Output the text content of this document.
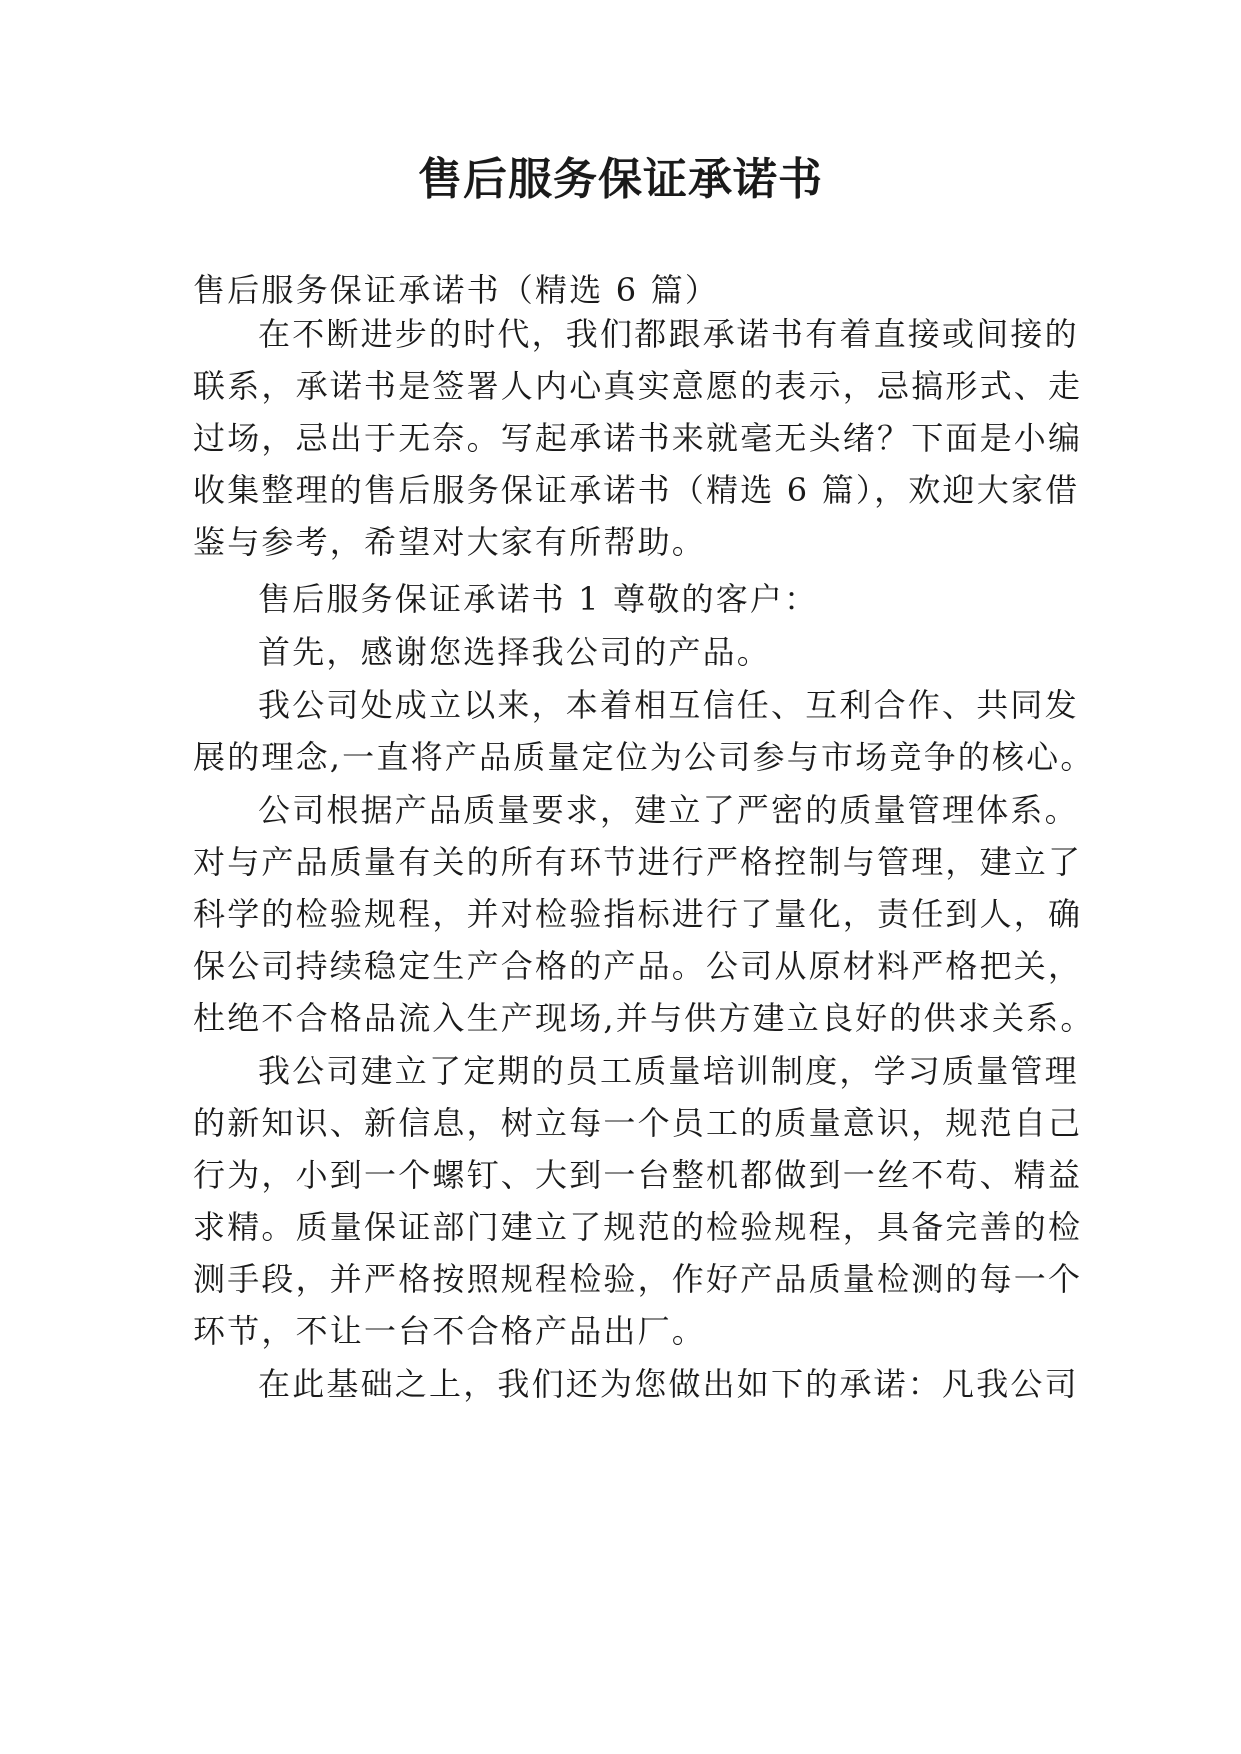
售后服务保证承诺书
售后服务保证承诺书（精选 6 篇）
在不断进步的时代，我们都跟承诺书有着直接或间接的
联系，承诺书是签署人内心真实意愿的表示，忌搞形式、走
过场，忌出于无奈。写起承诺书来就毫无头绪？下面是小编
收集整理的售后服务保证承诺书（精选 6 篇），欢迎大家借
鉴与参考，希望对大家有所帮助。
售后服务保证承诺书 1 尊敬的客户：
首先，感谢您选择我公司的产品。
我公司处成立以来，本着相互信任、互利合作、共同发
展的理念,一直将产品质量定位为公司参与市场竞争的核心。
公司根据产品质量要求，建立了严密的质量管理体系。
对与产品质量有关的所有环节进行严格控制与管理，建立了
科学的检验规程，并对检验指标进行了量化，责任到人，确
保公司持续稳定生产合格的产品。公司从原材料严格把关，
杜绝不合格品流入生产现场,并与供方建立良好的供求关系。
我公司建立了定期的员工质量培训制度，学习质量管理
的新知识、新信息，树立每一个员工的质量意识，规范自己
行为，小到一个螺钉、大到一台整机都做到一丝不苟、精益
求精。质量保证部门建立了规范的检验规程，具备完善的检
测手段，并严格按照规程检验，作好产品质量检测的每一个
环节，不让一台不合格产品出厂。
在此基础之上，我们还为您做出如下的承诺：凡我公司
